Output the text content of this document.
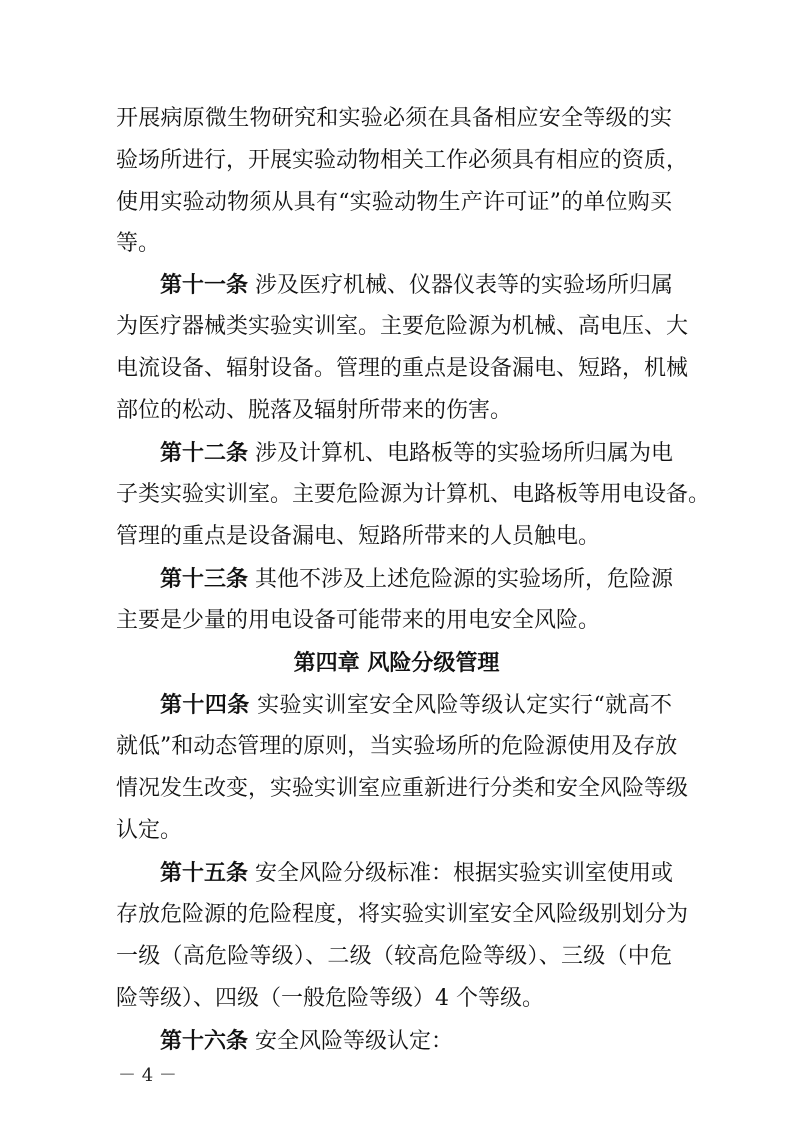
开展病原微生物研究和实验必须在具备相应安全等级的实
验场所进行，开展实验动物相关工作必须具有相应的资质，
使用实验动物须从具有“实验动物生产许可证”的单位购买
等。
第十一条 涉及医疗机械、仪器仪表等的实验场所归属
为医疗器械类实验实训室。主要危险源为机械、高电压、大
电流设备、辐射设备。管理的重点是设备漏电、短路，机械
部位的松动、脱落及辐射所带来的伤害。
第十二条 涉及计算机、电路板等的实验场所归属为电
子类实验实训室。主要危险源为计算机、电路板等用电设备。
管理的重点是设备漏电、短路所带来的人员触电。
第十三条 其他不涉及上述危险源的实验场所，危险源
主要是少量的用电设备可能带来的用电安全风险。
第四章 风险分级管理
第十四条 实验实训室安全风险等级认定实行“就高不
就低”和动态管理的原则，当实验场所的危险源使用及存放
情况发生改变，实验实训室应重新进行分类和安全风险等级
认定。
第十五条 安全风险分级标准：根据实验实训室使用或
存放危险源的危险程度，将实验实训室安全风险级别划分为
一级（高危险等级）、二级（较高危险等级）、三级（中危
险等级）、四级（一般危险等级）4 个等级。
第十六条 安全风险等级认定：
－ 4 －
